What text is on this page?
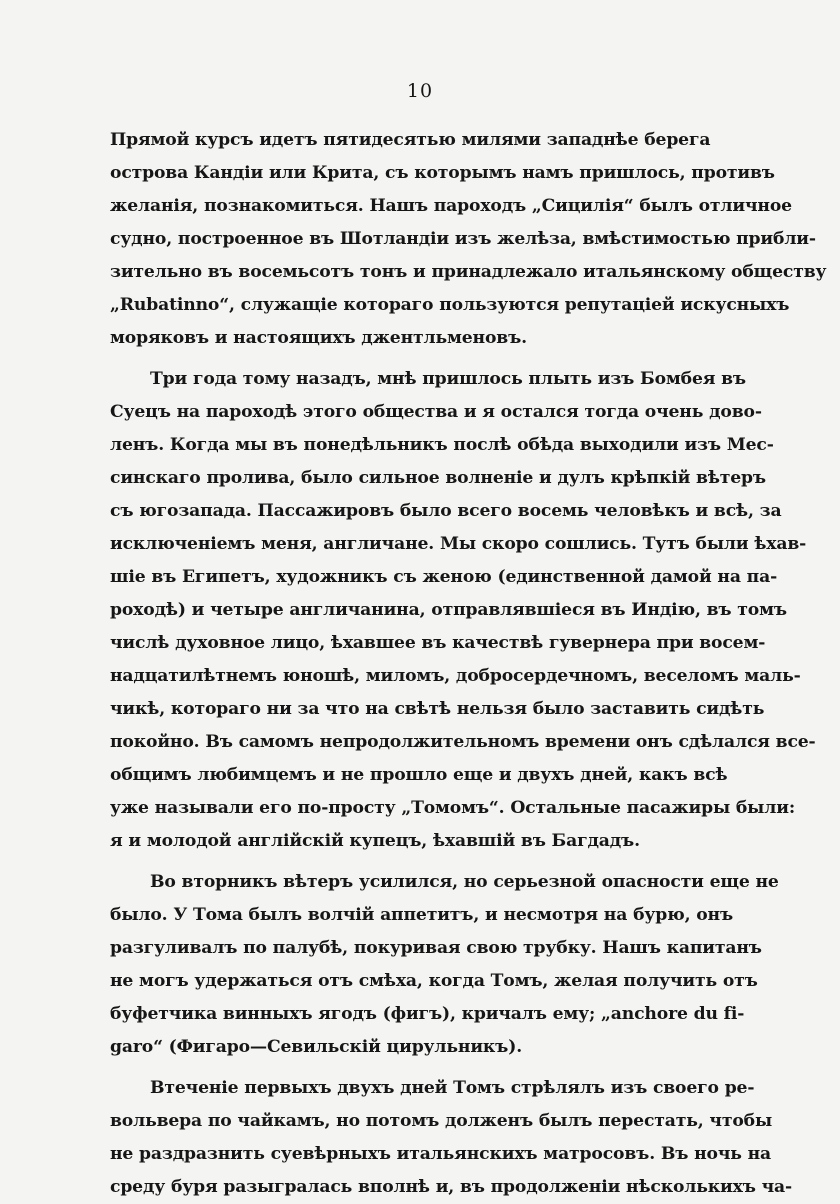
10
Прямой курсъ идетъ пятидесятью милями западнѣе берега
острова Кандіи или Крита, съ которымъ намъ пришлось, противъ
желанія, познакомиться. Нашъ пароходъ „Сицилія“ былъ отличное
судно, построенное въ Шотландіи изъ желѣза, вмѣстимостью прибли-
зительно въ восемьсотъ тонъ и принадлежало итальянскому обществу
„Rubatinno“, служащіе котораго пользуются репутаціей искусныхъ
моряковъ и настоящихъ джентльменовъ.
Три года тому назадъ, мнѣ пришлось плыть изъ Бомбея въ
Суецъ на пароходѣ этого общества и я остался тогда очень дово-
ленъ. Когда мы въ понедѣльникъ послѣ обѣда выходили изъ Мес-
синскаго пролива, было сильное волненіе и дулъ крѣпкій вѣтеръ
съ югозапада. Пассажировъ было всего восемь человѣкъ и всѣ, за
исключеніемъ меня, англичане. Мы скоро сошлись. Тутъ были ѣхав-
шіе въ Египетъ, художникъ съ женою (единственной дамой на па-
роходѣ) и четыре англичанина, отправлявшіеся въ Индію, въ томъ
числѣ духовное лицо, ѣхавшее въ качествѣ гувернера при восем-
надцатилѣтнемъ юношѣ, миломъ, добросердечномъ, веселомъ маль-
чикѣ, котораго ни за что на свѣтѣ нельзя было заставить сидѣть
покойно. Въ самомъ непродолжительномъ времени онъ сдѣлался все-
общимъ любимцемъ и не прошло еще и двухъ дней, какъ всѣ
уже называли его по-просту „Томомъ“. Остальные пасажиры были:
я и молодой англійскій купецъ, ѣхавшій въ Багдадъ.
Во вторникъ вѣтеръ усилился, но серьезной опасности еще не
было. У Тома былъ волчій аппетитъ, и несмотря на бурю, онъ
разгуливалъ по палубѣ, покуривая свою трубку. Нашъ капитанъ
не могъ удержаться отъ смѣха, когда Томъ, желая получить отъ
буфетчика винныхъ ягодъ (фигъ), кричалъ ему; „anchore du fi-
garo“ (Фигаро—Севильскій цирульникъ).
Втеченіе первыхъ двухъ дней Томъ стрѣлялъ изъ своего ре-
вольвера по чайкамъ, но потомъ долженъ былъ перестать, чтобы
не раздразнить суевѣрныхъ итальянскихъ матросовъ. Въ ночь на
среду буря разыгралась вполнѣ и, въ продолженіи нѣсколькихъ ча-
